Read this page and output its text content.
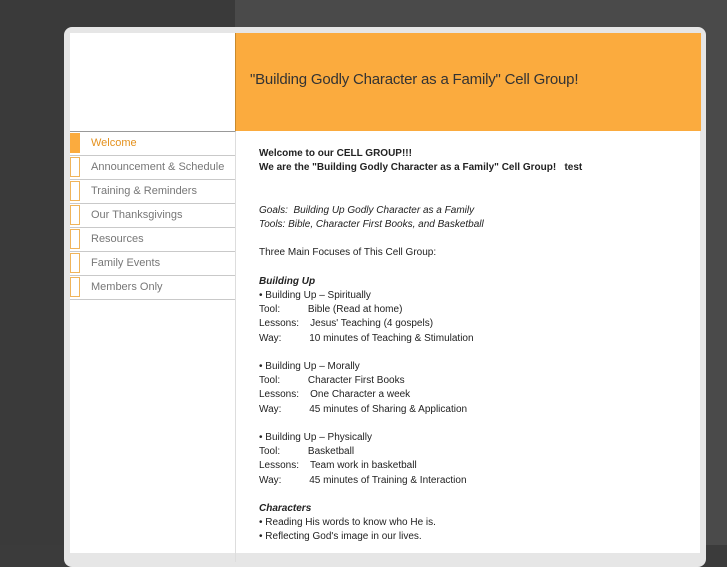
"Building Godly Character as a Family" Cell Group!
Welcome
Announcement & Schedule
Training & Reminders
Our Thanksgivings
Resources
Family Events
Members Only
Welcome to our CELL GROUP!!!
We are the "Building Godly Character as a Family" Cell Group!   test
Goals:  Building Up Godly Character as a Family
Tools: Bible, Character First Books, and Basketball
Three Main Focuses of This Cell Group:
Building Up
• Building Up – Spiritually
Tool:          Bible (Read at home)
Lessons:    Jesus' Teaching (4 gospels)
Way:          10 minutes of Teaching & Stimulation
• Building Up – Morally
Tool:          Character First Books
Lessons:    One Character a week
Way:          45 minutes of Sharing & Application
• Building Up – Physically
Tool:          Basketball
Lessons:    Team work in basketball
Way:          45 minutes of Training & Interaction
Characters
• Reading His words to know who He is.
• Reflecting God's image in our lives.
